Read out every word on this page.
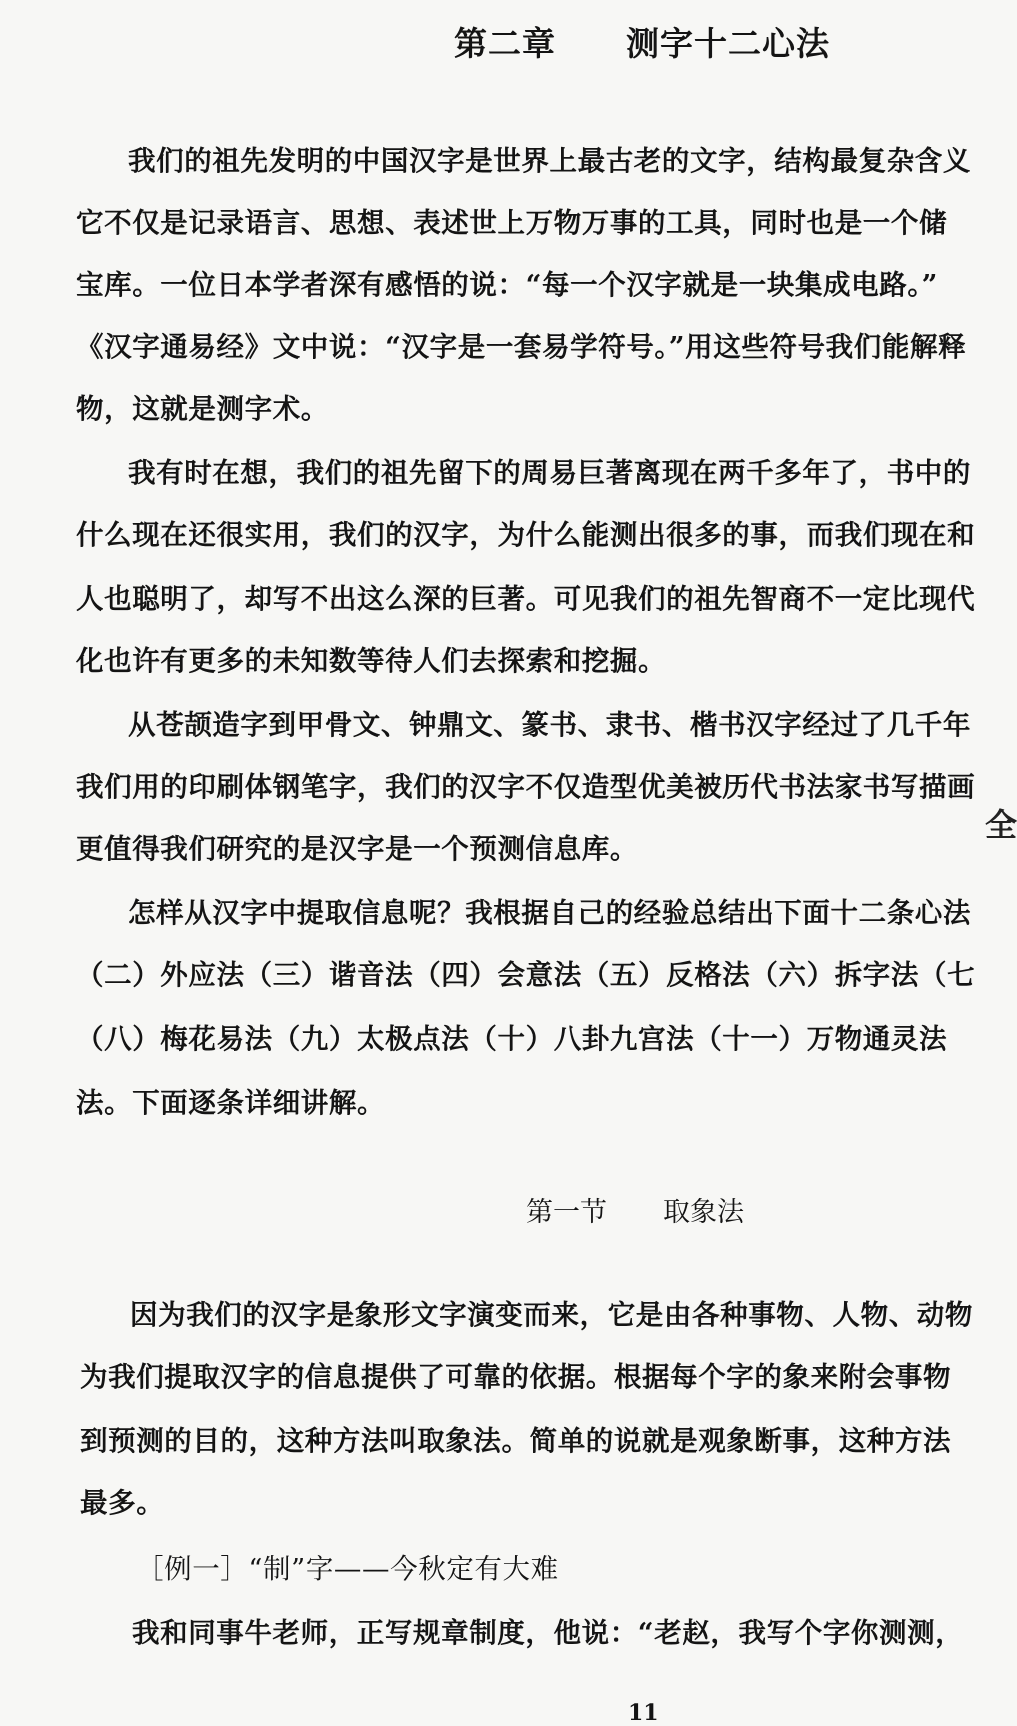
第二章 测字十二心法
我们的祖先发明的中国汉字是世界上最古老的文字，结构最复杂含义
它不仅是记录语言、思想、表述世上万物万事的工具，同时也是一个储
宝库。一位日本学者深有感悟的说：“每一个汉字就是一块集成电路。”
《汉字通易经》文中说：“汉字是一套易学符号。”用这些符号我们能解释
物，这就是测字术。
我有时在想，我们的祖先留下的周易巨著离现在两千多年了，书中的
什么现在还很实用，我们的汉字，为什么能测出很多的事，而我们现在和
人也聪明了，却写不出这么深的巨著。可见我们的祖先智商不一定比现代
化也许有更多的未知数等待人们去探索和挖掘。
从苍颉造字到甲骨文、钟鼎文、篆书、隶书、楷书汉字经过了几千年
我们用的印刷体钢笔字，我们的汉字不仅造型优美被历代书法家书写描画
更值得我们研究的是汉字是一个预测信息库。
全
怎样从汉字中提取信息呢？我根据自己的经验总结出下面十二条心法
（二）外应法（三）谐音法（四）会意法（五）反格法（六）拆字法（七
（八）梅花易法（九）太极点法（十）八卦九宫法（十一）万物通灵法
法。下面逐条详细讲解。
第一节 取象法
因为我们的汉字是象形文字演变而来，它是由各种事物、人物、动物
为我们提取汉字的信息提供了可靠的依据。根据每个字的象来附会事物
到预测的目的，这种方法叫取象法。简单的说就是观象断事，这种方法
最多。
［例一］“制”字——今秋定有大难
我和同事牛老师，正写规章制度，他说：“老赵，我写个字你测测，
11
